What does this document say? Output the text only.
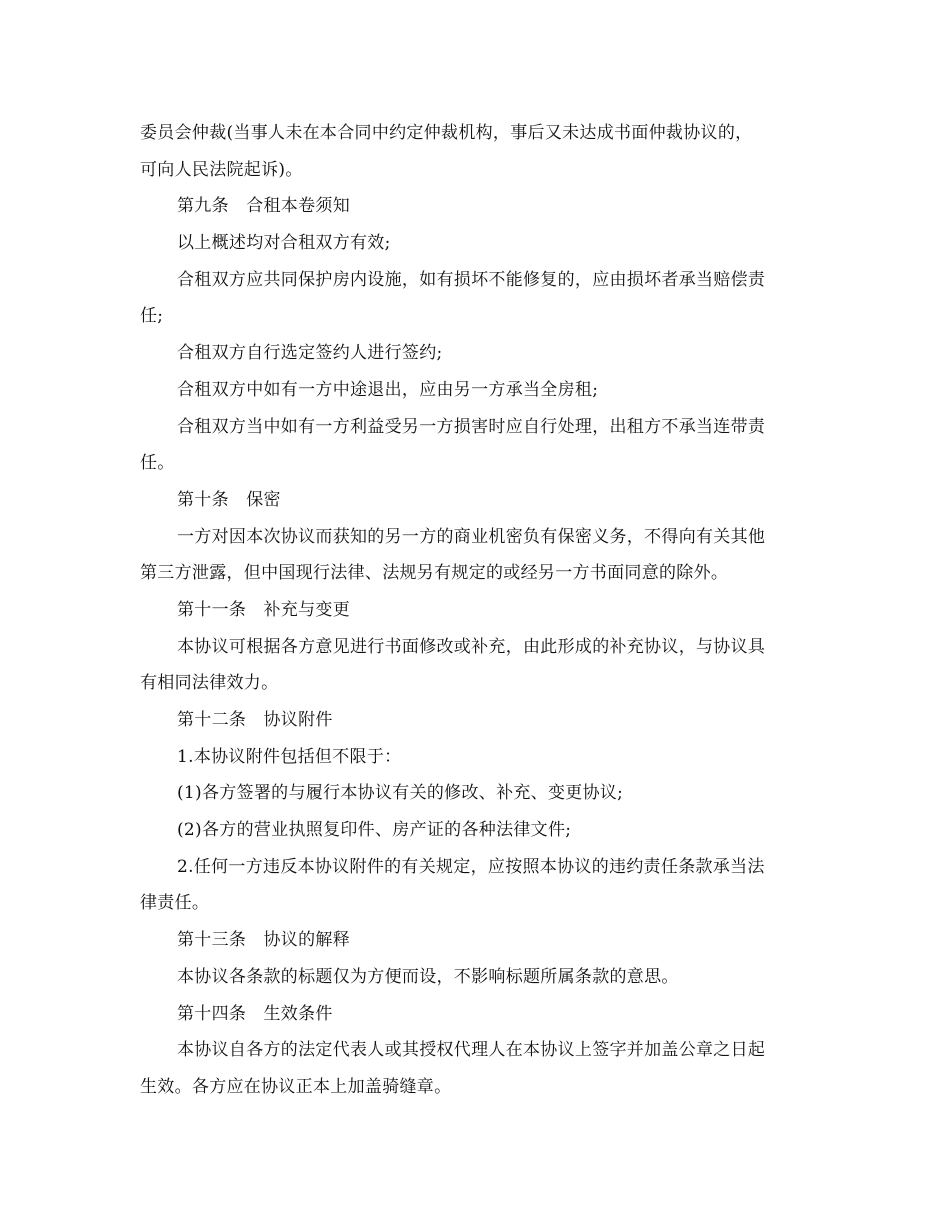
委员会仲裁(当事人未在本合同中约定仲裁机构，事后又未达成书面仲裁协议的，
可向人民法院起诉)。
第九条　合租本卷须知
以上概述均对合租双方有效;
合租双方应共同保护房内设施，如有损坏不能修复的，应由损坏者承当赔偿责
任;
合租双方自行选定签约人进行签约;
合租双方中如有一方中途退出，应由另一方承当全房租;
合租双方当中如有一方利益受另一方损害时应自行处理，出租方不承当连带责
任。
第十条　保密
一方对因本次协议而获知的另一方的商业机密负有保密义务，不得向有关其他
第三方泄露，但中国现行法律、法规另有规定的或经另一方书面同意的除外。
第十一条　补充与变更
本协议可根据各方意见进行书面修改或补充，由此形成的补充协议，与协议具
有相同法律效力。
第十二条　协议附件
1.本协议附件包括但不限于：
(1)各方签署的与履行本协议有关的修改、补充、变更协议;
(2)各方的营业执照复印件、房产证的各种法律文件;
2.任何一方违反本协议附件的有关规定，应按照本协议的违约责任条款承当法
律责任。
第十三条　协议的解释
本协议各条款的标题仅为方便而设，不影响标题所属条款的意思。
第十四条　生效条件
本协议自各方的法定代表人或其授权代理人在本协议上签字并加盖公章之日起
生效。各方应在协议正本上加盖骑缝章。
